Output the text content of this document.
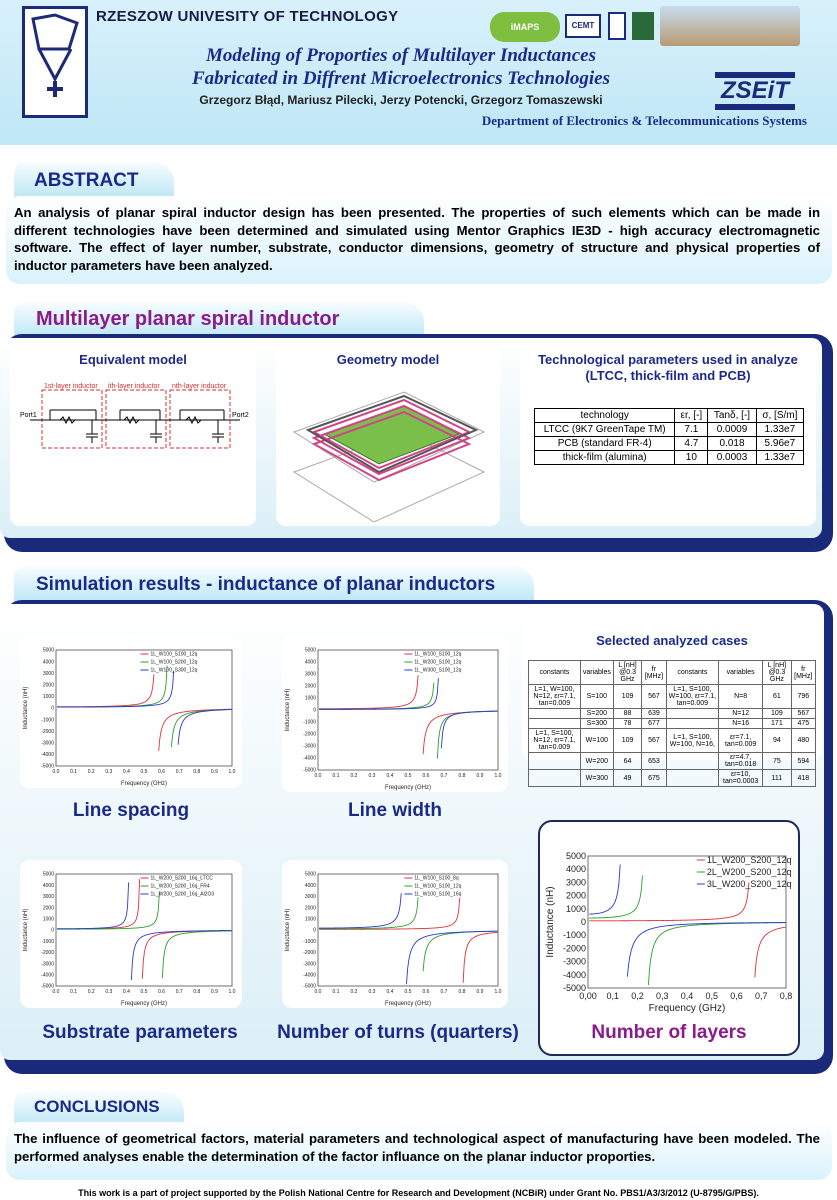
RZESZOW UNIVESITY OF TECHNOLOGY
iMAPS	CEMT
Modeling of Proporties of Multilayer Inductances
Fabricated in Diffrent Microelectronics Technologies
Grzegorz Błąd, Mariusz Pilecki, Jerzy Potencki, Grzegorz Tomaszewski	ZSEiT
Department of Electronics & Telecommunications Systems
ABSTRACT
An analysis of planar spiral inductor design has been presented. The properties of such elements which can be made in different technologies have been determined and simulated using Mentor Graphics IE3D - high accuracy electromagnetic software. The effect of layer number, substrate, conductor dimensions, geometry of structure and physical properties of inductor parameters have been analyzed.
Multilayer planar spiral inductor
Equivalent model
1st-layer inductor ith-layer inductor nth-layer inductor
Port1	Port2
Geometry model	Technological parameters used in analyze
(LTCC, thick-film and PCB)
technology	εr, [-]	Tanδ, [-]	σ, [S/m]
LTCC (9K7 GreenTape TM)	7.1	0.0009	1.33e7
PCB (standard FR-4)	4.7	0.018	5.96e7
thick-film (alumina)	10	0.0003	1.33e7
Simulation results - inductance of planar inductors
0.0 0.1 0.2 0.3 0.4 0.5 0.6 0.7 0.8 0.9 1.0
-5000
-4000
-3000
-2000
-1000
0
1000
2000
3000
4000
5000
Frequency (GHz)
Inductance (nH)
1L_W100_S100_12q
1L_W100_S200_12q
1L_W100_S300_12q
Line spacing
0.0 0.1 0.2 0.3 0.4 0.5 0.6 0.7 0.8 0.9 1.0
-5000
-4000
-3000
-2000
-1000
0
1000
2000
3000
4000
5000
Frequency (GHz)
Inductance (nH)
1L_W100_S100_12q
1L_W200_S100_12q
1L_W300_S100_12q
Line width
Selected analyzed cases
constants	variables	L [nH] @0.3 GHz	fr [MHz]	constants	variables	L [nH] @0.3 GHz	fr [MHz]
L=1, W=100, N=12, εr=7.1, tan=0.009	S=100	109	567	L=1, S=100, W=100, εr=7.1, tan=0.009	N=8	61	796
	S=200	88	639		N=12	109	567
	S=300	78	677		N=16	171	475
L=1, S=100, N=12, εr=7.1, tan=0.009	W=100	109	567	L=1, S=100, W=100, N=16,	εr=7.1, tan=0.009	94	480
	W=200	64	653		εr=4.7, tan=0.018	75	594
	W=300	49	675		εr=10, tan=0.0003	111	418
0.0 0.1 0.2 0.3 0.4 0.5 0.6 0.7 0.8 0.9 1.0
-5000
-4000
-3000
-2000
-1000
0
1000
2000
3000
4000
5000
Frequency (GHz)
Inductance (nH)
1L_W200_S200_16q_LTCC
1L_W200_S200_16q_FR4
1L_W200_S200_16q_Al2O3
Substrate parameters
0.0 0.1 0.2 0.3 0.4 0.5 0.6 0.7 0.8 0.9 1.0
-5000
-4000
-3000
-2000
-1000
0
1000
2000
3000
4000
5000
Frequency (GHz)
Inductance (nH)
1L_W100_S100_8q
1L_W100_S100_12q
1L_W100_S100_16q
Number of turns (quarters)
0,00 0,1 0,2 0,3 0,4 0,5 0,6 0,7 0,8
-5000
-4000
-3000
-2000
-1000
0
1000
2000
3000
4000
5000
Frequency (GHz)
Inductance (nH)
1L_W200_S200_12q
2L_W200_S200_12q
3L_W200_S200_12q
Number of layers
CONCLUSIONS
The influence of geometrical factors, material parameters and technological aspect of manufacturing have been modeled. The performed analyses enable the determination of the factor influance on the planar inductor proporties.
This work is a part of project supported by the Polish National Centre for Research and Development (NCBiR) under Grant No. PBS1/A3/3/2012 (U-8795/G/PBS).
